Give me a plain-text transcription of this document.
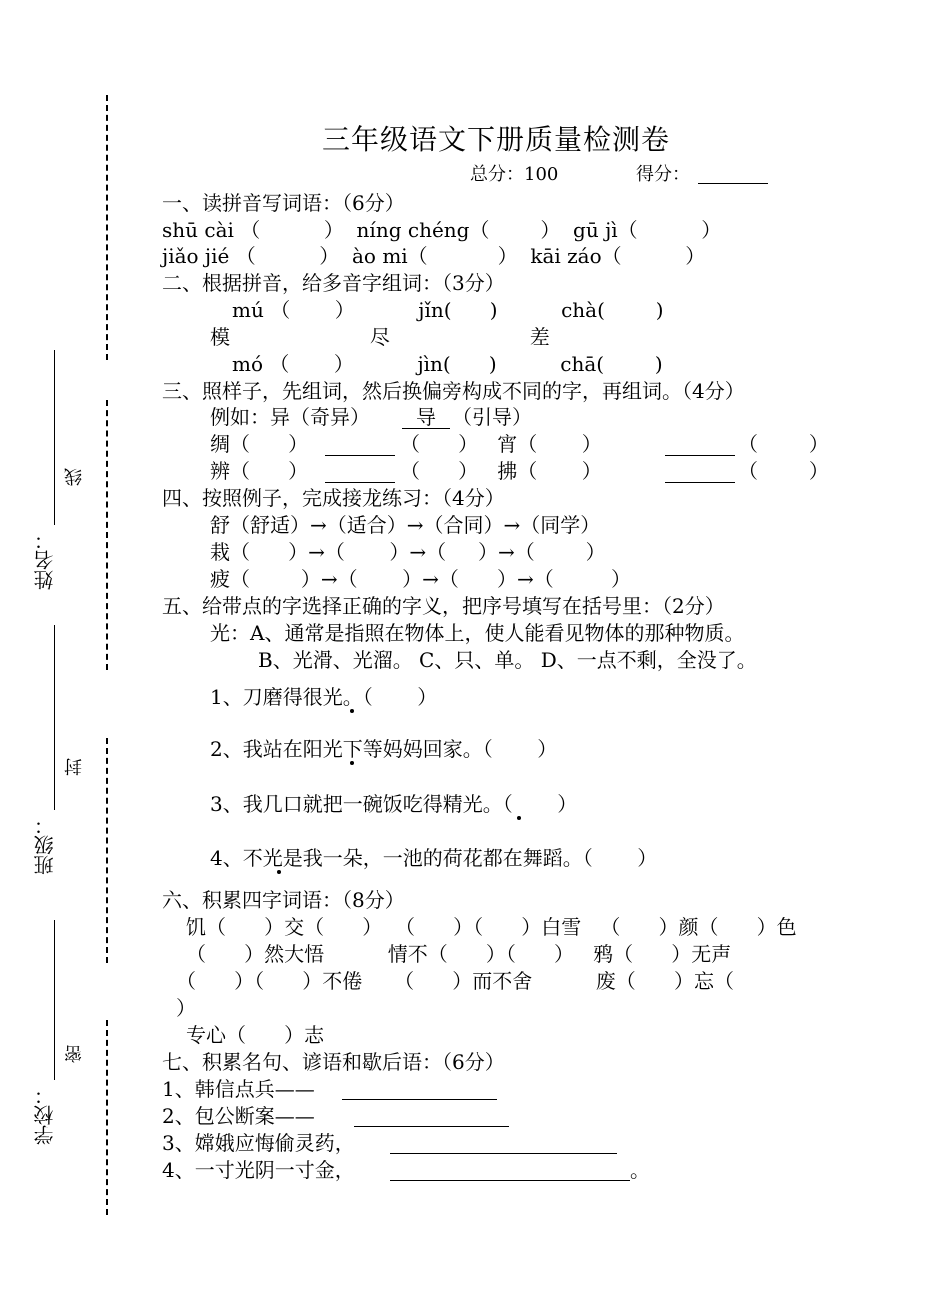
学校：
班级：
姓名：
密
封
线
三年级语文下册质量检测卷
总分：100	得分：
一、读拼音写词语：（6分）
shū cài （          ）  níng chéng（        ）  gū jì（          ）
jiǎo jié （          ）  ào mi（           ）  kāi záo（          ）
二、根据拼音，给多音字组词：（3分）
mú （       ）          jǐn(      )          chà(        )
模                      尽                      差
mó （       ）          jìn(      )          chā(        )
三、照样子，先组词，然后换偏旁构成不同的字，再组词。（4分）
例如：异（奇异） 导 （引导）
绸（      ）	（      ）   宵（       ）	（        ）
辨（      ）	（      ）   拂（       ）	（        ）
四、按照例子，完成接龙练习：（4分）
舒（舒适）→（适合）→（合同）→（同学）
栽（      ）→（       ）→（     ）→（        ）
疲（        ）→（       ）→（      ）→（         ）
五、给带点的字选择正确的字义，把序号填写在括号里：（2分）
光：A、通常是指照在物体上，使人能看见物体的那种物质。
B、光滑、光溜。 C、只、单。 D、一点不剩，全没了。
1、刀磨得很光。（       ）
2、我站在阳光下等妈妈回家。（       ）
3、我几口就把一碗饭吃得精光。（       ）
4、不光是我一朵，一池的荷花都在舞蹈。（       ）
六、积累四字词语：（8分）
饥（      ）交（      ）  （      ）（      ）白雪   （      ）颜（      ）色
（      ）然大悟          情不（      ）（      ）   鸦（      ）无声
（      ）（      ）不倦     （      ）而不舍          废（      ）忘（
）
专心（      ）志
七、积累名句、谚语和歇后语：（6分）
1、韩信点兵——
2、包公断案——
3、嫦娥应悔偷灵药，
4、一寸光阴一寸金，	。
